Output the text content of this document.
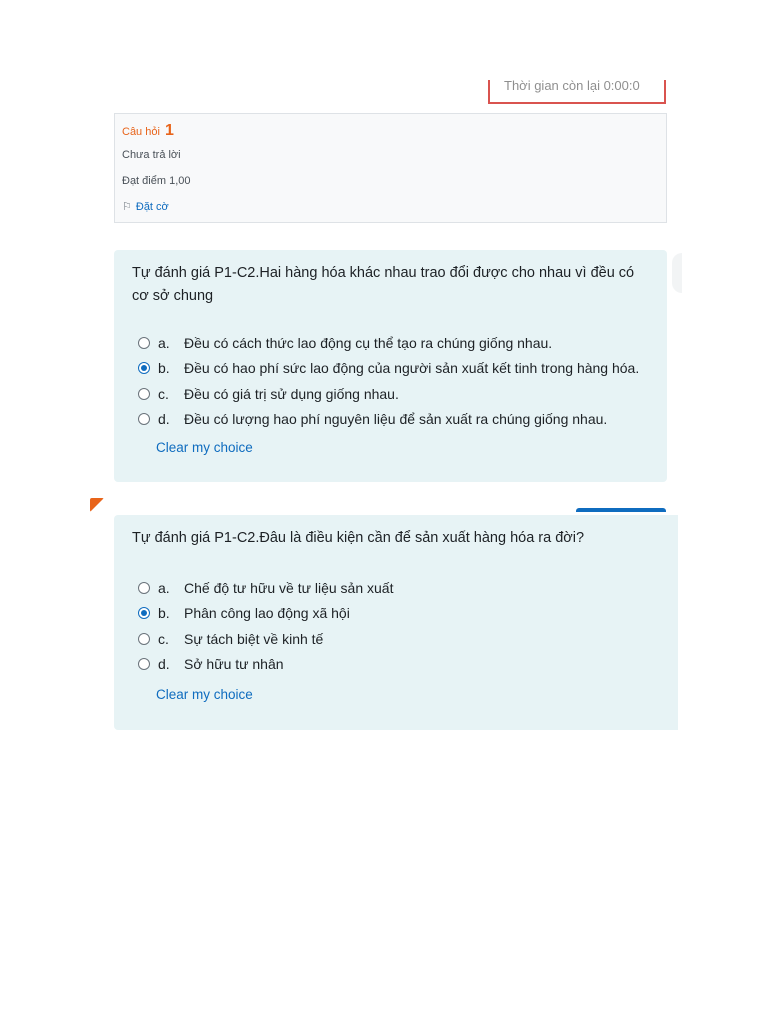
Thời gian còn lại 0:00:0
Câu hỏi 1
Chưa trả lời
Đạt điểm 1,00
⚐ Đặt cờ
Tự đánh giá P1-C2.Hai hàng hóa khác nhau trao đổi được cho nhau vì đều có cơ sở chung
a.	Đều có cách thức lao động cụ thể tạo ra chúng giống nhau.
b.	Đều có hao phí sức lao động của người sản xuất kết tinh trong hàng hóa.
c.	Đều có giá trị sử dụng giống nhau.
d.	Đều có lượng hao phí nguyên liệu để sản xuất ra chúng giống nhau.
Clear my choice
Tự đánh giá P1-C2.Đâu là điều kiện cần để sản xuất hàng hóa ra đời?
a.	Chế độ tư hữu về tư liệu sản xuất
b.	Phân công lao động xã hội
c.	Sự tách biệt về kinh tế
d.	Sở hữu tư nhân
Clear my choice
